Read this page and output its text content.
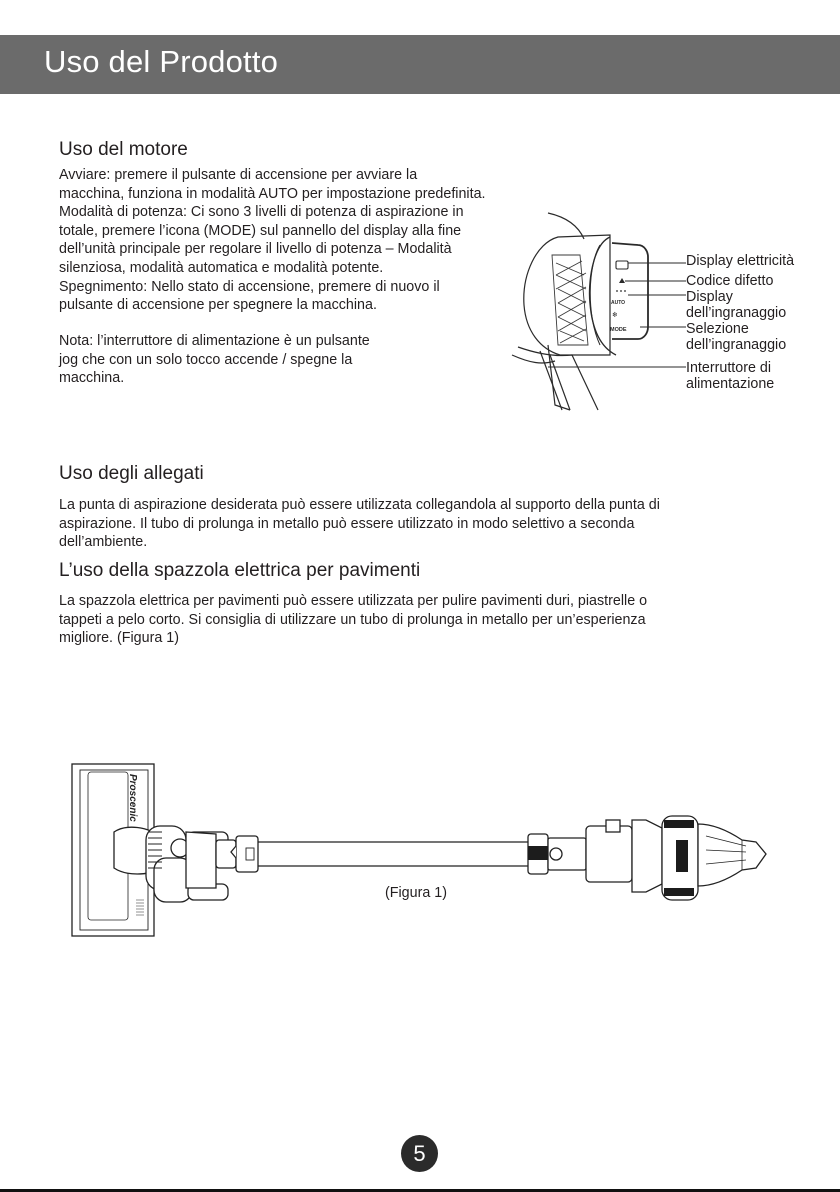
Uso del Prodotto
Uso del motore

Avviare: premere il pulsante di accensione per avviare la
macchina, funziona in modalità AUTO per impostazione predefinita.
Modalità di potenza: Ci sono 3 livelli di potenza di aspirazione in
totale, premere l’icona (MODE) sul pannello del display alla fine
dell’unità principale per regolare il livello di potenza – Modalità
silenziosa, modalità automatica e modalità potente.
Spegnimento: Nello stato di accensione, premere di nuovo il
pulsante di accensione per spegnere la macchina.

Nota: l’interruttore di alimentazione è un pulsante
jog che con un solo tocco accende / spegne la
macchina.

AUTO
❄
MODE
Display elettricità
Codice difetto
Display
dell’ingranaggio
Selezione
dell’ingranaggio
Interruttore di
alimentazione
Uso degli allegati

La punta di aspirazione desiderata può essere utilizzata collegandola al supporto della punta di
aspirazione. Il tubo di prolunga in metallo può essere utilizzato in modo selettivo a seconda
dell’ambiente.

L’uso della spazzola elettrica per pavimenti

La spazzola elettrica per pavimenti può essere utilizzata per pulire pavimenti duri, piastrelle o
tappeti a pelo corto. Si consiglia di utilizzare un tubo di prolunga in metallo per un’esperienza
migliore. (Figura 1)

Proscenic
(Figura 1)
5
